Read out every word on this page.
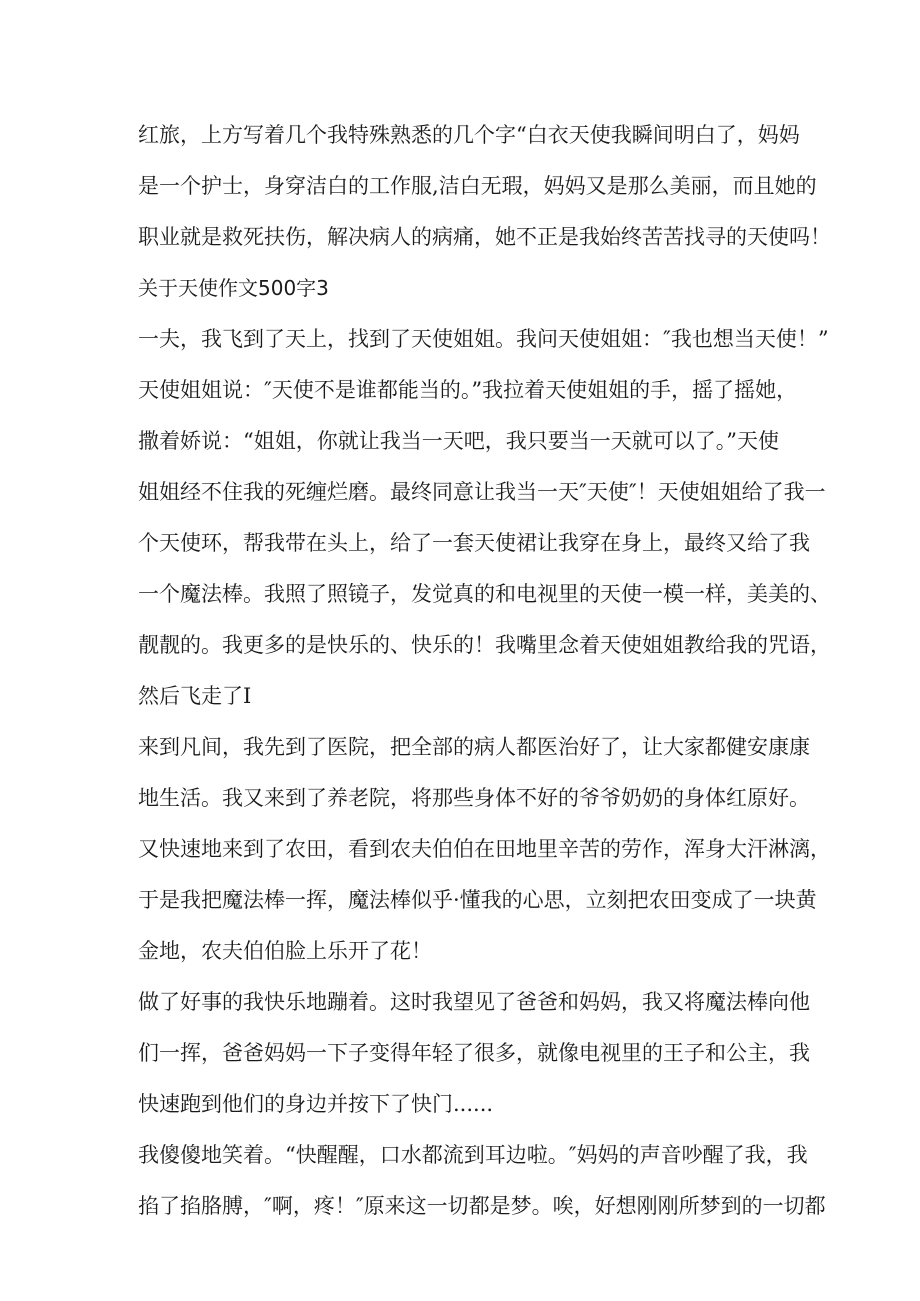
红旅，上方写着几个我特殊熟悉的几个字“白衣天使我瞬间明白了，妈妈
是一个护士，身穿洁白的工作服,洁白无瑕，妈妈又是那么美丽，而且她的
职业就是救死扶伤，解决病人的病痛，她不正是我始终苦苦找寻的天使吗！
关于天使作文500字3
一夫，我飞到了天上，找到了天使姐姐。我问天使姐姐：″我也想当天使！”
天使姐姐说：″天使不是谁都能当的。”我拉着天使姐姐的手，摇了摇她，
撒着娇说：“姐姐，你就让我当一天吧，我只要当一天就可以了。”天使
姐姐经不住我的死缠烂磨。最终同意让我当一天″天使″！天使姐姐给了我一
个天使环，帮我带在头上，给了一套天使裙让我穿在身上，最终又给了我
一个魔法棒。我照了照镜子，发觉真的和电视里的天使一模一样，美美的、
靓靓的。我更多的是快乐的、快乐的！我嘴里念着天使姐姐教给我的咒语，
然后飞走了I
来到凡间，我先到了医院，把全部的病人都医治好了，让大家都健安康康
地生活。我又来到了养老院，将那些身体不好的爷爷奶奶的身体红原好。
又快速地来到了农田，看到农夫伯伯在田地里辛苦的劳作，浑身大汗淋漓，
于是我把魔法棒一挥，魔法棒似乎·懂我的心思，立刻把农田变成了一块黄
金地，农夫伯伯脸上乐开了花！
做了好事的我快乐地蹦着。这时我望见了爸爸和妈妈，我又将魔法棒向他
们一挥，爸爸妈妈一下子变得年轻了很多，就像电视里的王子和公主，我
快速跑到他们的身边并按下了快门......
我傻傻地笑着。“快醒醒，口水都流到耳边啦。″妈妈的声音吵醒了我，我
掐了掐胳膊，″啊，疼！″原来这一切都是梦。唉，好想刚刚所梦到的一切都
